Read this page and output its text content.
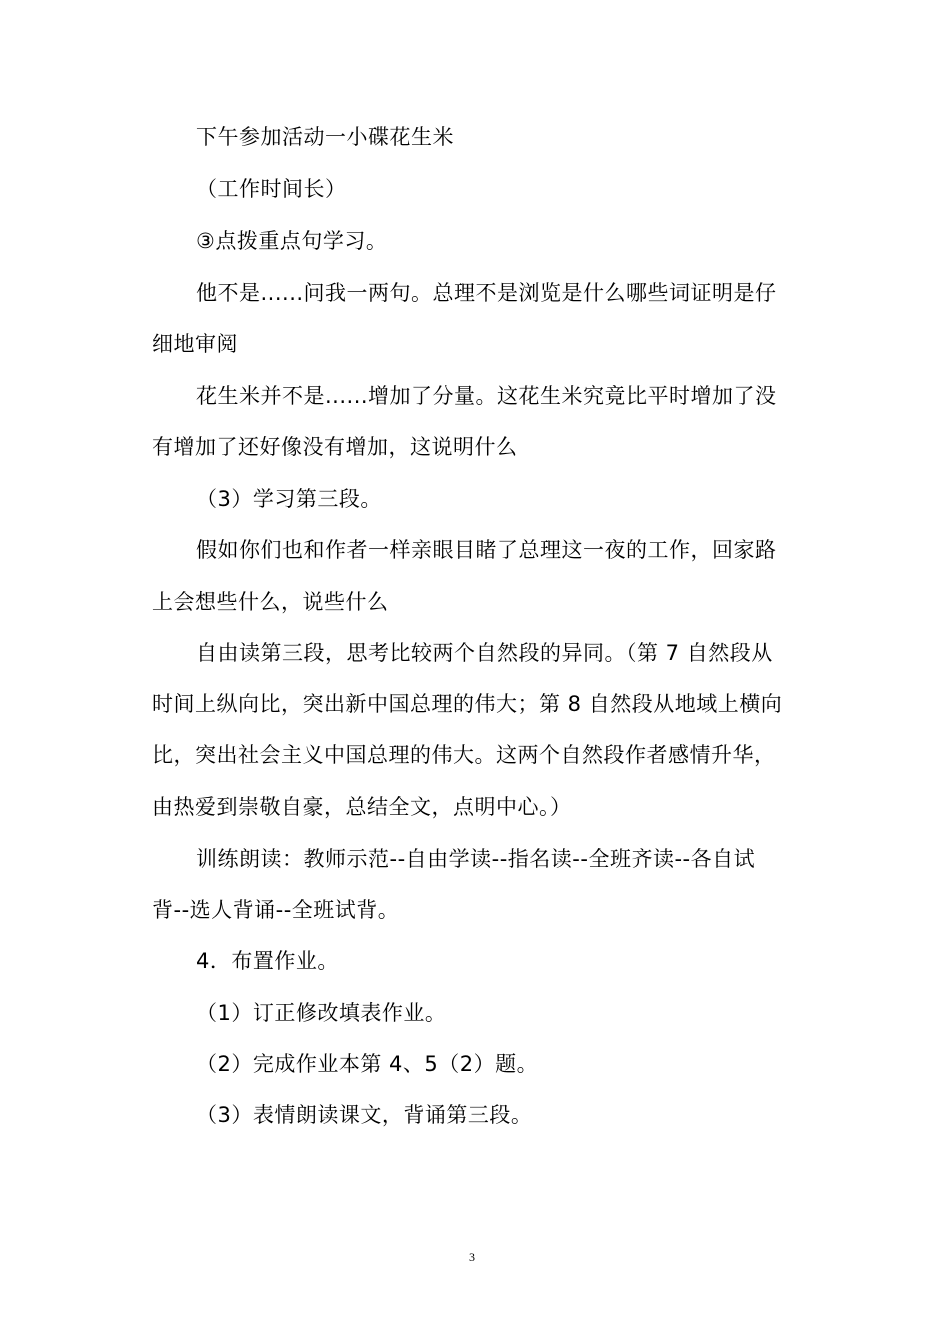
下午参加活动一小碟花生米
（工作时间长）
③点拨重点句学习。
他不是......问我一两句。总理不是浏览是什么哪些词证明是仔
细地审阅
花生米并不是......增加了分量。这花生米究竟比平时增加了没
有增加了还好像没有增加，这说明什么
（3）学习第三段。
假如你们也和作者一样亲眼目睹了总理这一夜的工作，回家路
上会想些什么，说些什么
自由读第三段，思考比较两个自然段的异同。（第 7 自然段从
时间上纵向比，突出新中国总理的伟大；第 8 自然段从地域上横向
比，突出社会主义中国总理的伟大。这两个自然段作者感情升华，
由热爱到崇敬自豪，总结全文，点明中心。）
训练朗读：教师示范--自由学读--指名读--全班齐读--各自试
背--选人背诵--全班试背。
4．布置作业。
（1）订正修改填表作业。
（2）完成作业本第 4、5（2）题。
（3）表情朗读课文，背诵第三段。
3
